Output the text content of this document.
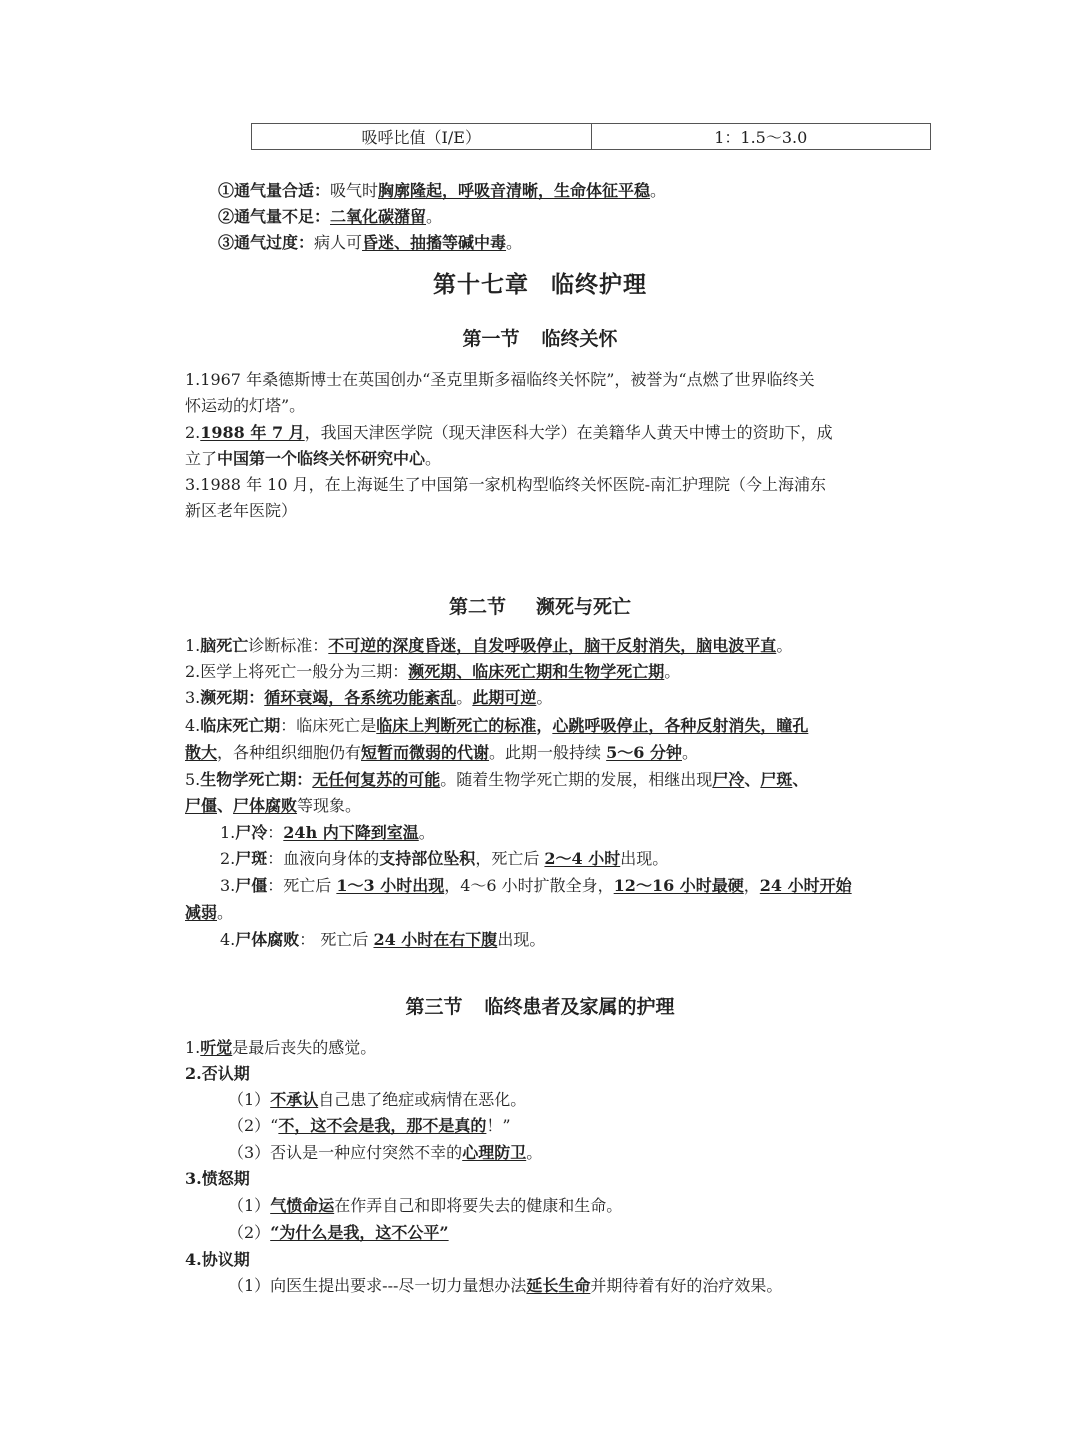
吸呼比值（I/E）	1：1.5～3.0
①通气量合适：吸气时胸廓隆起，呼吸音清晰，生命体征平稳。
②通气量不足：二氧化碳潴留。
③通气过度：病人可昏迷、抽搐等碱中毒。
第十七章 临终护理
第一节 临终关怀
1.1967 年桑德斯博士在英国创办“圣克里斯多福临终关怀院”，被誉为“点燃了世界临终关
怀运动的灯塔”。
2.1988 年 7 月，我国天津医学院（现天津医科大学）在美籍华人黄天中博士的资助下，成
立了中国第一个临终关怀研究中心。
3.1988 年 10 月，在上海诞生了中国第一家机构型临终关怀医院-南汇护理院（今上海浦东
新区老年医院）
第二节 濒死与死亡
1.脑死亡诊断标准：不可逆的深度昏迷，自发呼吸停止，脑干反射消失，脑电波平直。
2.医学上将死亡一般分为三期：濒死期、临床死亡期和生物学死亡期。
3.濒死期：循环衰竭，各系统功能紊乱。此期可逆。
4.临床死亡期：临床死亡是临床上判断死亡的标准，心跳呼吸停止，各种反射消失，瞳孔
散大，各种组织细胞仍有短暂而微弱的代谢。此期一般持续 5～6 分钟。
5.生物学死亡期：无任何复苏的可能。随着生物学死亡期的发展，相继出现尸冷、尸斑、
尸僵、尸体腐败等现象。
1.尸冷：24h 内下降到室温。
2.尸斑：血液向身体的支持部位坠积，死亡后 2～4 小时出现。
3.尸僵：死亡后 1～3 小时出现，4～6 小时扩散全身，12～16 小时最硬，24 小时开始
减弱。
4.尸体腐败： 死亡后 24 小时在右下腹出现。
第三节 临终患者及家属的护理
1.听觉是最后丧失的感觉。
2.否认期
（1）不承认自己患了绝症或病情在恶化。
（2）“不，这不会是我，那不是真的！”
（3）否认是一种应付突然不幸的心理防卫。
3.愤怒期
（1）气愤命运在作弄自己和即将要失去的健康和生命。
（2）“为什么是我，这不公平”
4.协议期
（1）向医生提出要求---尽一切力量想办法延长生命并期待着有好的治疗效果。
